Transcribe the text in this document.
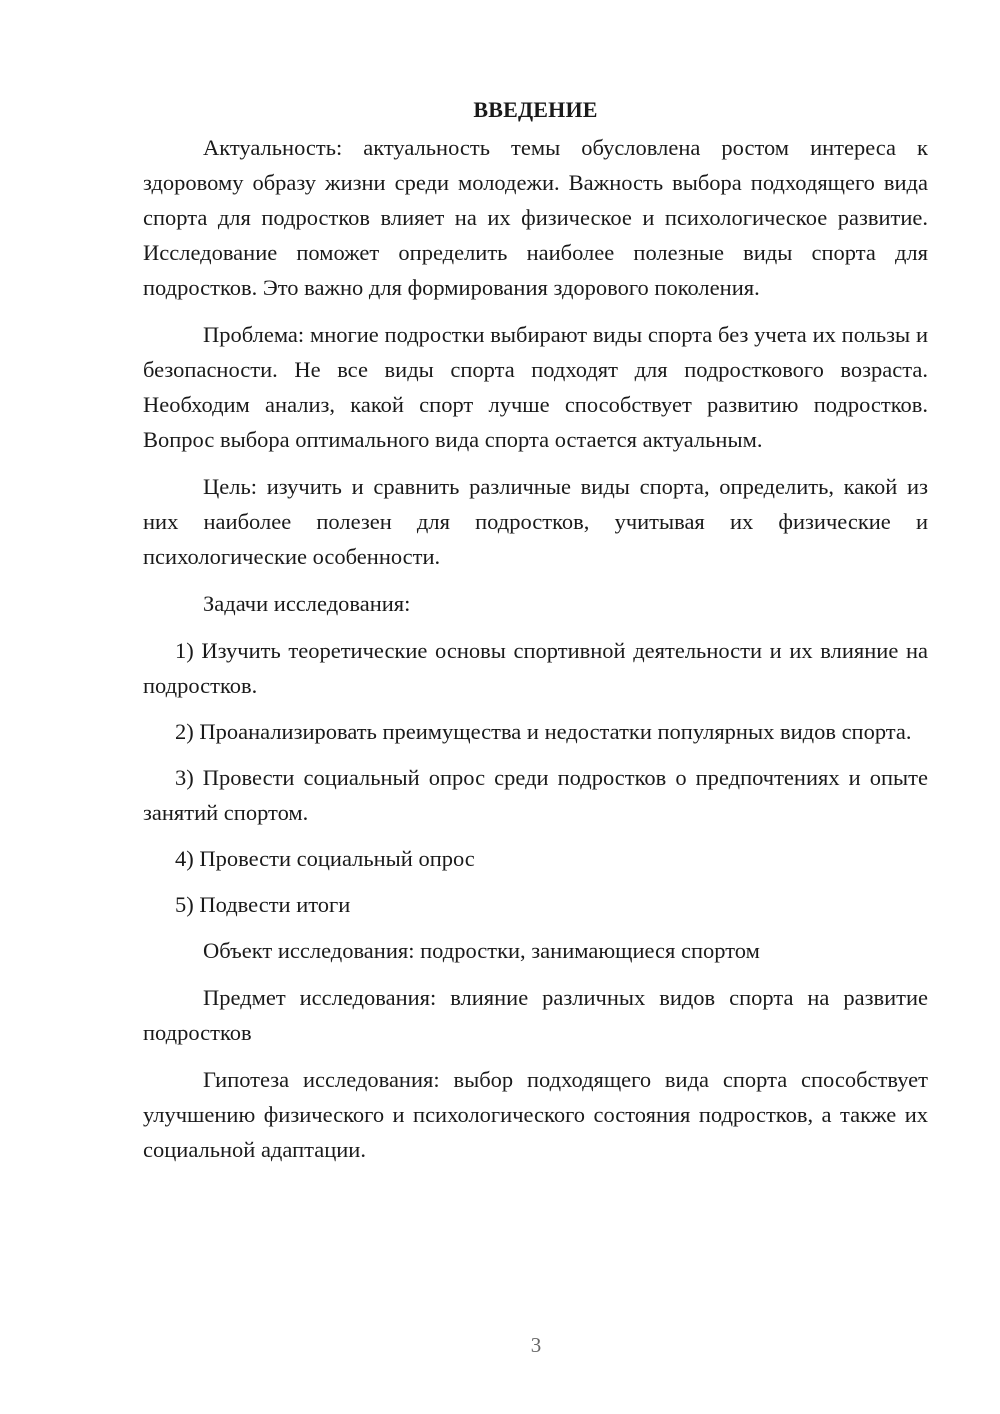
ВВЕДЕНИЕ

Актуальность: актуальность темы обусловлена ростом интереса к здоровому образу жизни среди молодежи. Важность выбора подходящего вида спорта для подростков влияет на их физическое и психологическое развитие. Исследование поможет определить наиболее полезные виды спорта для подростков. Это важно для формирования здорового поколения.

Проблема: многие подростки выбирают виды спорта без учета их пользы и безопасности. Не все виды спорта подходят для подросткового возраста. Необходим анализ, какой спорт лучше способствует развитию подростков. Вопрос выбора оптимального вида спорта остается актуальным.

Цель: изучить и сравнить различные виды спорта, определить, какой из них наиболее полезен для подростков, учитывая их физические и психологические особенности.

Задачи исследования:

1) Изучить теоретические основы спортивной деятельности и их влияние на подростков.

2) Проанализировать преимущества и недостатки популярных видов спорта.

3) Провести социальный опрос среди подростков о предпочтениях и опыте занятий спортом.

4) Провести социальный опрос

5) Подвести итоги

Объект исследования: подростки, занимающиеся спортом

Предмет исследования: влияние различных видов спорта на развитие подростков

Гипотеза исследования: выбор подходящего вида спорта способствует улучшению физического и психологического состояния подростков, а также их социальной адаптации.

3
